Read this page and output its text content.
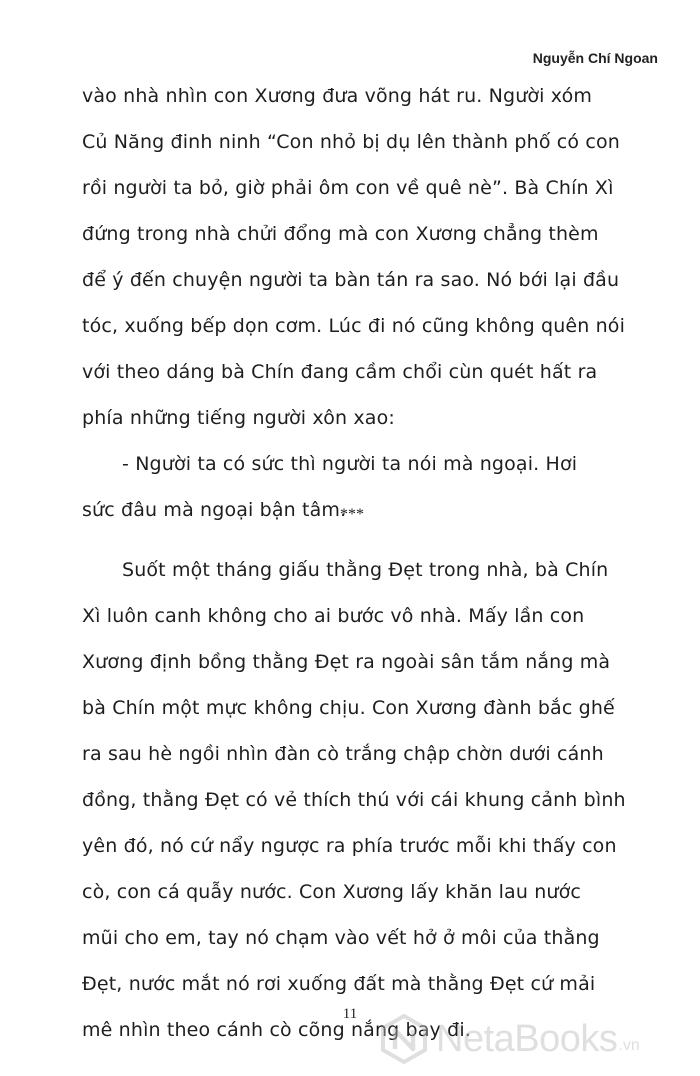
Nguyễn Chí Ngoan
vào nhà nhìn con Xương đưa võng hát ru. Người xóm
Củ Năng đinh ninh “Con nhỏ bị dụ lên thành phố có con
rồi người ta bỏ, giờ phải ôm con về quê nè”. Bà Chín Xì
đứng trong nhà chửi đổng mà con Xương chẳng thèm
để ý đến chuyện người ta bàn tán ra sao. Nó bới lại đầu
tóc, xuống bếp dọn cơm. Lúc đi nó cũng không quên nói
với theo dáng bà Chín đang cầm chổi cùn quét hất ra
phía những tiếng người xôn xao:
- Người ta có sức thì người ta nói mà ngoại. Hơi
sức đâu mà ngoại bận tâm.
***
Suốt một tháng giấu thằng Đẹt trong nhà, bà Chín
Xì luôn canh không cho ai bước vô nhà. Mấy lần con
Xương định bồng thằng Đẹt ra ngoài sân tắm nắng mà
bà Chín một mực không chịu. Con Xương đành bắc ghế
ra sau hè ngồi nhìn đàn cò trắng chập chờn dưới cánh
đồng, thằng Đẹt có vẻ thích thú với cái khung cảnh bình
yên đó, nó cứ nẩy ngược ra phía trước mỗi khi thấy con
cò, con cá quẫy nước. Con Xương lấy khăn lau nước
mũi cho em, tay nó chạm vào vết hở ở môi của thằng
Đẹt, nước mắt nó rơi xuống đất mà thằng Đẹt cứ mải
mê nhìn theo cánh cò cõng nắng bay đi.
11
NetaBooks .vn
